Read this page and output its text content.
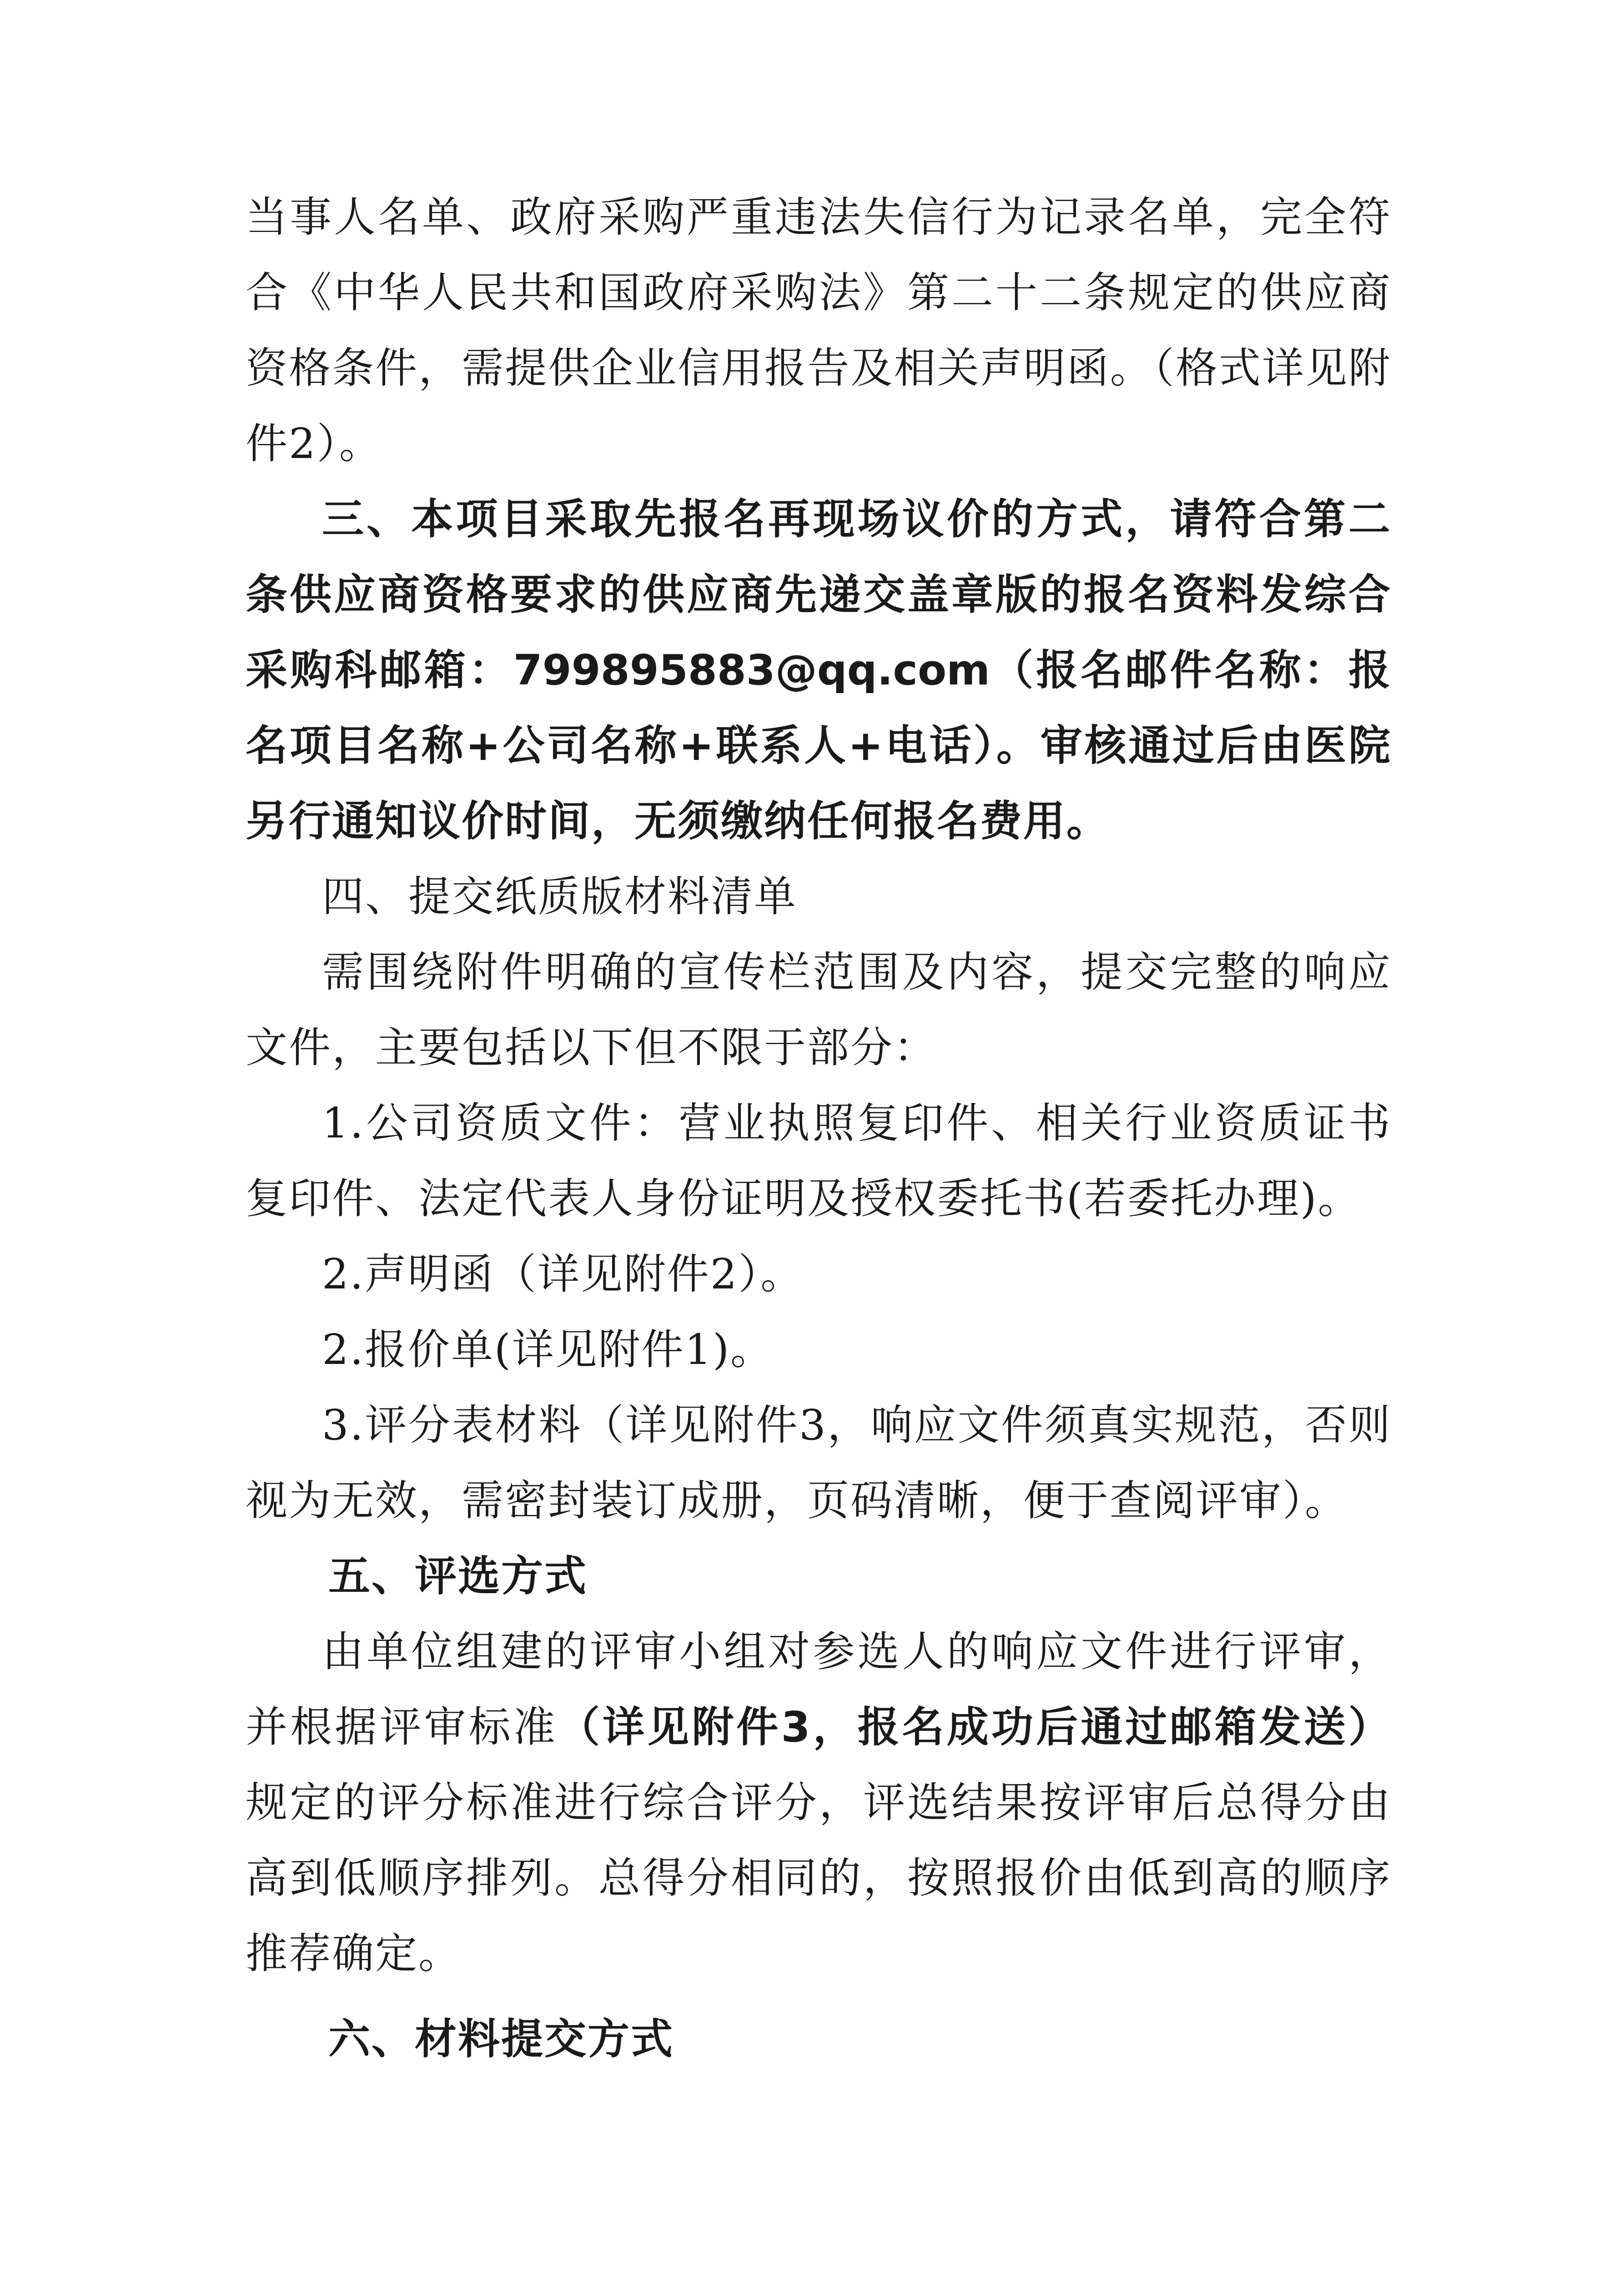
当事人名单、政府采购严重违法失信行为记录名单，完全符合《中华人民共和国政府采购法》第二十二条规定的供应商资格条件，需提供企业信用报告及相关声明函。（格式详见附件2）。

三、本项目采取先报名再现场议价的方式，请符合第二条供应商资格要求的供应商先递交盖章版的报名资料发综合采购科邮箱：799895883@qq.com（报名邮件名称：报名项目名称+公司名称+联系人+电话）。审核通过后由医院另行通知议价时间，无须缴纳任何报名费用。

四、提交纸质版材料清单

需围绕附件明确的宣传栏范围及内容，提交完整的响应文件，主要包括以下但不限于部分：

1.公司资质文件：营业执照复印件、相关行业资质证书复印件、法定代表人身份证明及授权委托书(若委托办理)。

2.声明函（详见附件2）。

2.报价单(详见附件1)。

3.评分表材料（详见附件3，响应文件须真实规范，否则视为无效，需密封装订成册，页码清晰，便于查阅评审）。

五、评选方式

由单位组建的评审小组对参选人的响应文件进行评审，并根据评审标准（详见附件3，报名成功后通过邮箱发送）规定的评分标准进行综合评分，评选结果按评审后总得分由高到低顺序排列。总得分相同的，按照报价由低到高的顺序推荐确定。

六、材料提交方式
